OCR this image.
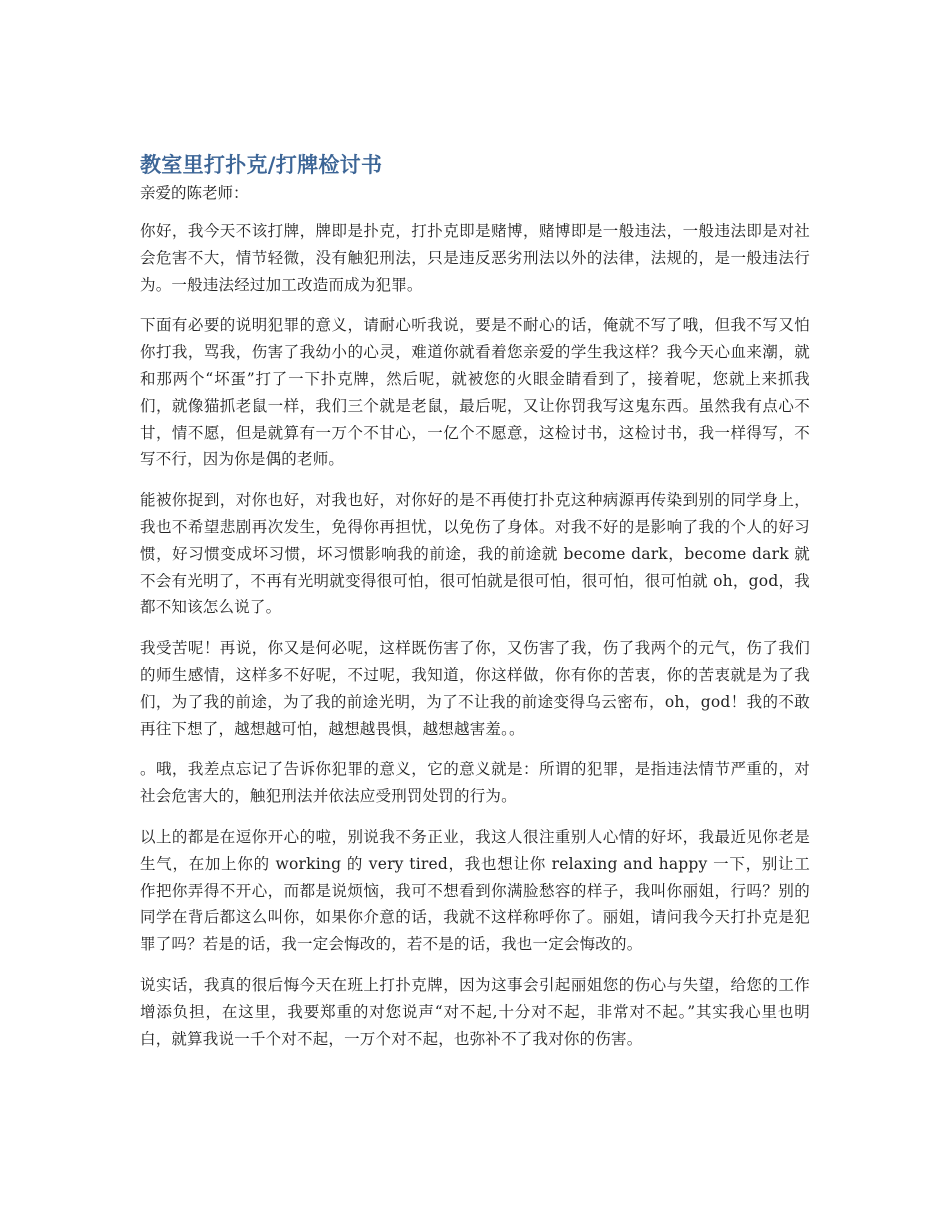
教室里打扑克/打牌检讨书

亲爱的陈老师：

你好，我今天不该打牌，牌即是扑克，打扑克即是赌博，赌博即是一般违法，一般违法即是对社会危害不大，情节轻微，没有触犯刑法，只是违反恶劣刑法以外的法律，法规的，是一般违法行为。一般违法经过加工改造而成为犯罪。

下面有必要的说明犯罪的意义，请耐心听我说，要是不耐心的话，俺就不写了哦，但我不写又怕你打我，骂我，伤害了我幼小的心灵，难道你就看着您亲爱的学生我这样？我今天心血来潮，就和那两个“坏蛋”打了一下扑克牌，然后呢，就被您的火眼金睛看到了，接着呢，您就上来抓我们，就像猫抓老鼠一样，我们三个就是老鼠，最后呢，又让你罚我写这鬼东西。虽然我有点心不甘，情不愿，但是就算有一万个不甘心，一亿个不愿意，这检讨书，这检讨书，我一样得写，不写不行，因为你是偶的老师。

能被你捉到，对你也好，对我也好，对你好的是不再使打扑克这种病源再传染到别的同学身上，我也不希望悲剧再次发生，免得你再担忧，以免伤了身体。对我不好的是影响了我的个人的好习惯，好习惯变成坏习惯，坏习惯影响我的前途，我的前途就 become dark，become dark 就不会有光明了，不再有光明就变得很可怕，很可怕就是很可怕，很可怕，很可怕就 oh，god，我都不知该怎么说了。

我受苦呢！再说，你又是何必呢，这样既伤害了你，又伤害了我，伤了我两个的元气，伤了我们的师生感情，这样多不好呢，不过呢，我知道，你这样做，你有你的苦衷，你的苦衷就是为了我们，为了我的前途，为了我的前途光明，为了不让我的前途变得乌云密布，oh，god！我的不敢再往下想了，越想越可怕，越想越畏惧，越想越害羞。。

。哦，我差点忘记了告诉你犯罪的意义，它的意义就是：所谓的犯罪，是指违法情节严重的，对社会危害大的，触犯刑法并依法应受刑罚处罚的行为。

以上的都是在逗你开心的啦，别说我不务正业，我这人很注重别人心情的好坏，我最近见你老是生气，在加上你的 working 的 very tired，我也想让你 relaxing and happy 一下，别让工作把你弄得不开心，而都是说烦恼，我可不想看到你满脸愁容的样子，我叫你丽姐，行吗？别的同学在背后都这么叫你，如果你介意的话，我就不这样称呼你了。丽姐，请问我今天打扑克是犯罪了吗？若是的话，我一定会悔改的，若不是的话，我也一定会悔改的。

说实话，我真的很后悔今天在班上打扑克牌，因为这事会引起丽姐您的伤心与失望，给您的工作增添负担，在这里，我要郑重的对您说声“对不起,十分对不起，非常对不起。”其实我心里也明白，就算我说一千个对不起，一万个对不起，也弥补不了我对你的伤害。
